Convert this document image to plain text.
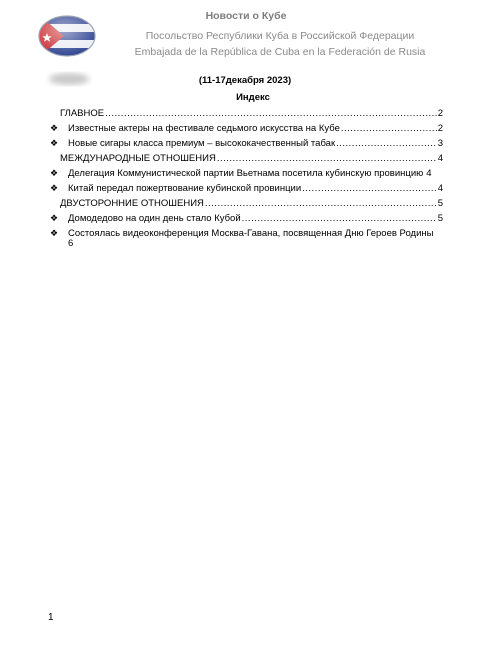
Новости о Кубе
Посольство Республики Куба в Российской Федерации
Embajada de la República de Cuba en la Federación de Rusia
(11-17декабря 2023)
Индекс
ГЛАВНОЕ .....	2
❖	Известные актеры на фестивале седьмого искусства на Кубе .....	2
❖	Новые сигары класса премиум – высококачественный табак .....	3
МЕЖДУНАРОДНЫЕ ОТНОШЕНИЯ .....	4
❖	Делегация Коммунистической партии Вьетнама посетила кубинскую провинцию 4
❖	Китай передал пожертвование кубинской провинции .....	4
ДВУСТОРОННИЕ ОТНОШЕНИЯ .....	5
❖	Домодедово на один день стало Кубой .....	5
❖	Состоялась видеоконференция Москва-Гавана, посвященная Дню Героев Родины
6
1
